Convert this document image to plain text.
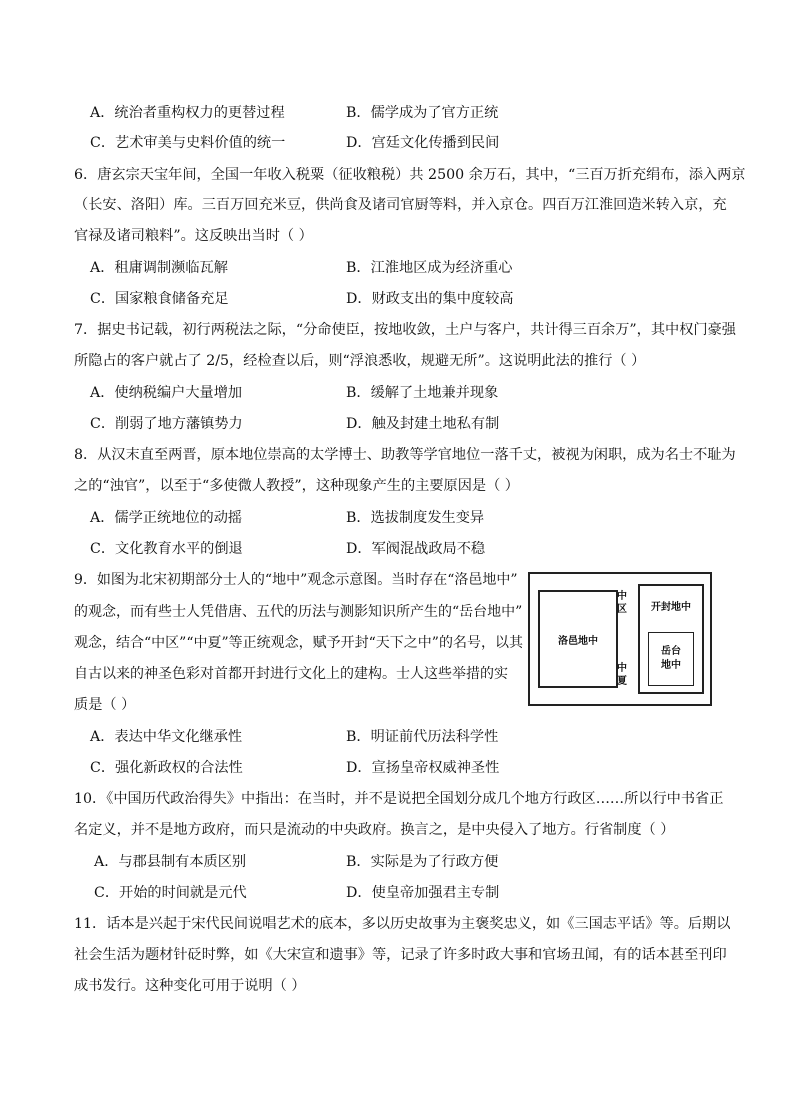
A．统治者重构权力的更替过程	B．儒学成为了官方正统
C．艺术审美与史料价值的统一	D．宫廷文化传播到民间
6．唐玄宗天宝年间，全国一年收入税粟（征收粮税）共 2500 余万石，其中，“三百万折充绢布，添入两京
（长安、洛阳）库。三百万回充米豆，供尚食及诸司官厨等料，并入京仓。四百万江淮回造米转入京，充
官禄及诸司粮料”。这反映出当时（ ）
A．租庸调制濒临瓦解	B．江淮地区成为经济重心
C．国家粮食储备充足	D．财政支出的集中度较高
7．据史书记载，初行两税法之际，“分命使臣，按地收敛，土户与客户，共计得三百余万”，其中权门豪强
所隐占的客户就占了 2/5，经检查以后，则“浮浪悉收，规避无所”。这说明此法的推行（ ）
A．使纳税编户大量增加	B．缓解了土地兼并现象
C．削弱了地方藩镇势力	D．触及封建土地私有制
8．从汉末直至两晋，原本地位崇高的太学博士、助教等学官地位一落千丈，被视为闲职，成为名士不耻为
之的“浊官”，以至于“多使微人教授”，这种现象产生的主要原因是（ ）
A．儒学正统地位的动摇	B．选拔制度发生变异
C．文化教育水平的倒退	D．军阀混战政局不稳
9．如图为北宋初期部分士人的“地中”观念示意图。当时存在“洛邑地中”
的观念，而有些士人凭借唐、五代的历法与测影知识所产生的“岳台地中”
观念，结合“中区”“中夏”等正统观念，赋予开封“天下之中”的名号，以其
自古以来的神圣色彩对首都开封进行文化上的建构。士人这些举措的实
质是（ ）
洛邑地中
中区
中夏
开封地中
岳台
地中
A．表达中华文化继承性	B．明证前代历法科学性
C．强化新政权的合法性	D．宣扬皇帝权威神圣性
10．《中国历代政治得失》中指出：在当时，并不是说把全国划分成几个地方行政区……所以行中书省正
名定义，并不是地方政府，而只是流动的中央政府。换言之，是中央侵入了地方。行省制度（ ）
A．与郡县制有本质区别	B．实际是为了行政方便
C．开始的时间就是元代	D．使皇帝加强君主专制
11．话本是兴起于宋代民间说唱艺术的底本，多以历史故事为主褒奖忠义，如《三国志平话》等。后期以
社会生活为题材针砭时弊，如《大宋宣和遗事》等，记录了许多时政大事和官场丑闻，有的话本甚至刊印
成书发行。这种变化可用于说明（ ）
